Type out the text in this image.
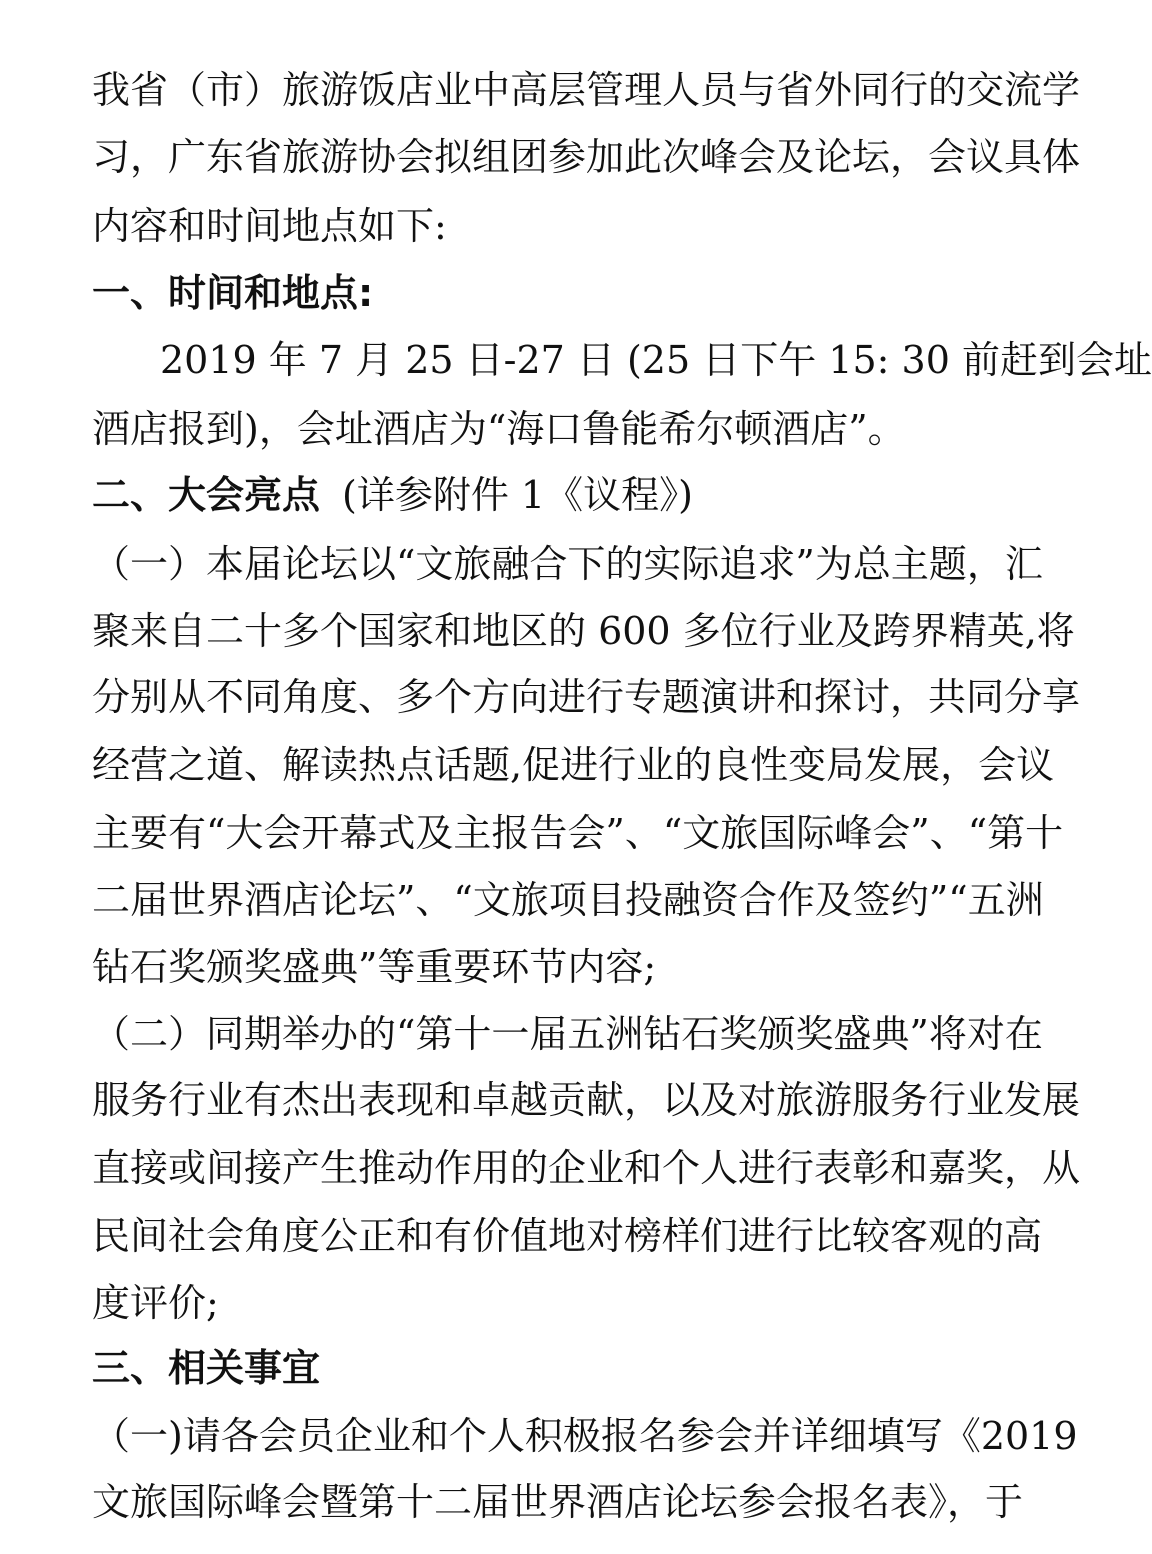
我省（市）旅游饭店业中高层管理人员与省外同行的交流学
习，广东省旅游协会拟组团参加此次峰会及论坛，会议具体
内容和时间地点如下:
一、时间和地点:
2019 年 7 月 25 日-27 日 (25 日下午 15: 30 前赶到会址
酒店报到)，会址酒店为“海口鲁能希尔顿酒店”。
二、大会亮点 (详参附件 1《议程》)
（一）本届论坛以“文旅融合下的实际追求”为总主题，汇
聚来自二十多个国家和地区的 600 多位行业及跨界精英,将
分别从不同角度、多个方向进行专题演讲和探讨，共同分享
经营之道、解读热点话题,促进行业的良性变局发展，会议
主要有“大会开幕式及主报告会”、“文旅国际峰会”、“第十
二届世界酒店论坛”、“文旅项目投融资合作及签约”“五洲
钻石奖颁奖盛典”等重要环节内容;
（二）同期举办的“第十一届五洲钻石奖颁奖盛典”将对在
服务行业有杰出表现和卓越贡献，以及对旅游服务行业发展
直接或间接产生推动作用的企业和个人进行表彰和嘉奖，从
民间社会角度公正和有价值地对榜样们进行比较客观的高
度评价;
三、相关事宜
（一)请各会员企业和个人积极报名参会并详细填写《2019
文旅国际峰会暨第十二届世界酒店论坛参会报名表》，于
